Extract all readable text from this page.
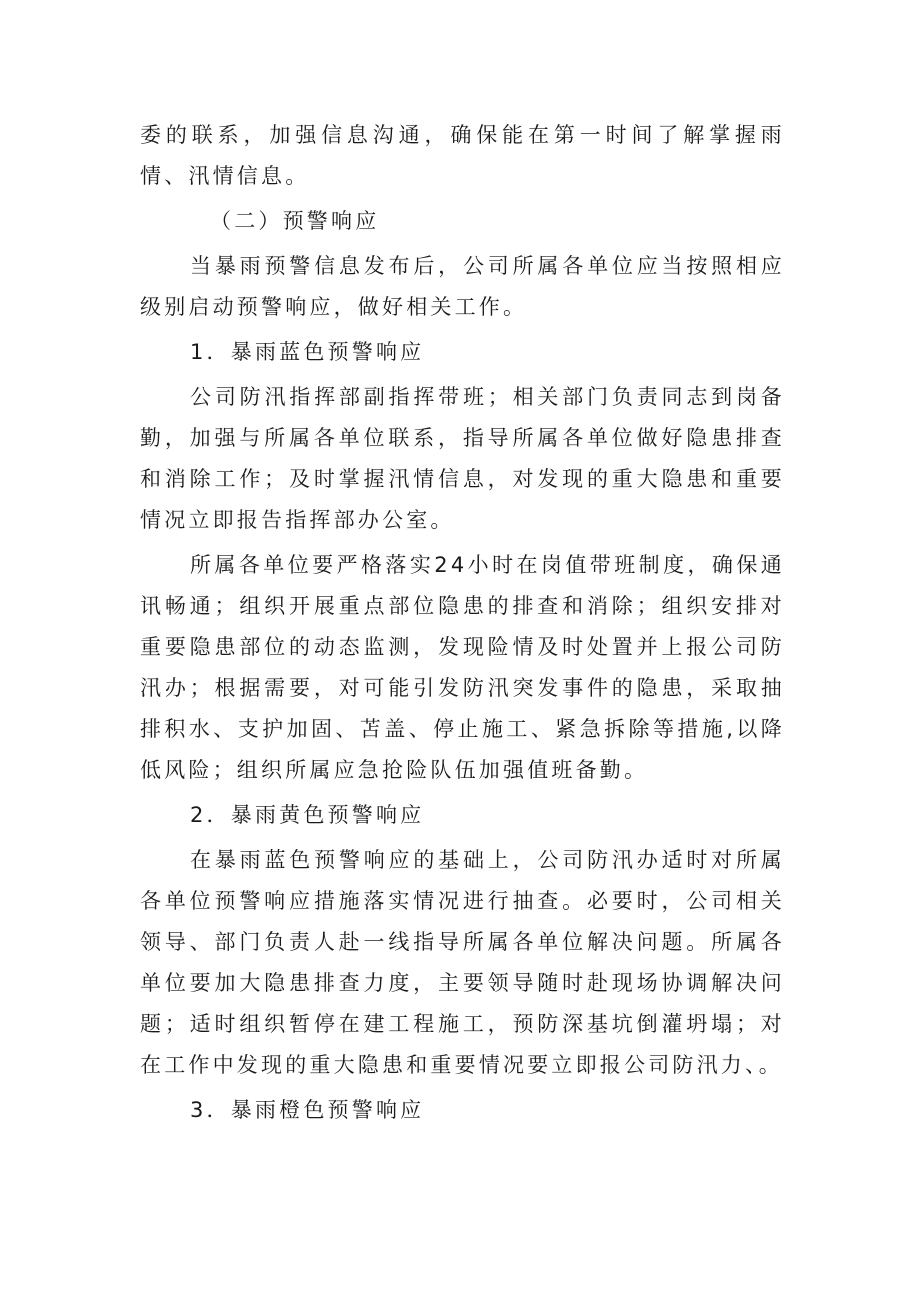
委的联系，加强信息沟通，确保能在第一时间了解掌握雨情、汛情信息。

（二）预警响应

当暴雨预警信息发布后，公司所属各单位应当按照相应级别启动预警响应，做好相关工作。

1．暴雨蓝色预警响应

公司防汛指挥部副指挥带班；相关部门负责同志到岗备勤，加强与所属各单位联系，指导所属各单位做好隐患排查和消除工作；及时掌握汛情信息，对发现的重大隐患和重要情况立即报告指挥部办公室。

所属各单位要严格落实24小时在岗值带班制度，确保通讯畅通；组织开展重点部位隐患的排查和消除；组织安排对重要隐患部位的动态监测，发现险情及时处置并上报公司防汛办；根据需要，对可能引发防汛突发事件的隐患，采取抽排积水、支护加固、苫盖、停止施工、紧急拆除等措施,以降低风险；组织所属应急抢险队伍加强值班备勤。

2．暴雨黄色预警响应

在暴雨蓝色预警响应的基础上，公司防汛办适时对所属各单位预警响应措施落实情况进行抽查。必要时，公司相关领导、部门负责人赴一线指导所属各单位解决问题。所属各单位要加大隐患排查力度，主要领导随时赴现场协调解决问题；适时组织暂停在建工程施工，预防深基坑倒灌坍塌；对在工作中发现的重大隐患和重要情况要立即报公司防汛力、。

3．暴雨橙色预警响应
